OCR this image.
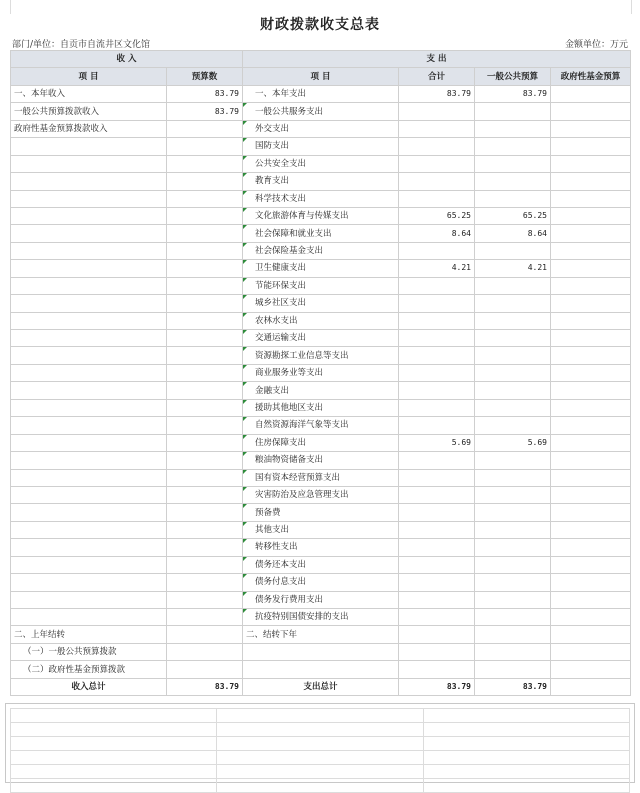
财政拨款收支总表
部门/单位：自贡市自流井区文化馆	金额单位：万元
收 入		支 出			
项 目	预算数	项 目	合计	一般公共预算	政府性基金预算
一、本年收入	83.79	一、本年支出	83.79	83.79	
一般公共预算拨款收入	83.79	一般公共服务支出			
政府性基金预算拨款收入		外交支出			
		国防支出			
		公共安全支出			
		教育支出			
		科学技术支出			
		文化旅游体育与传媒支出	65.25	65.25	
		社会保障和就业支出	8.64	8.64	
		社会保险基金支出			
		卫生健康支出	4.21	4.21	
		节能环保支出			
		城乡社区支出			
		农林水支出			
		交通运输支出			
		资源勘探工业信息等支出			
		商业服务业等支出			
		金融支出			
		援助其他地区支出			
		自然资源海洋气象等支出			
		住房保障支出	5.69	5.69	
		粮油物资储备支出			
		国有资本经营预算支出			
		灾害防治及应急管理支出			
		预备费			
		其他支出			
		转移性支出			
		债务还本支出			
		债务付息支出			
		债务发行费用支出			
		抗疫特别国债安排的支出			
二、上年结转		二、结转下年			
（一）一般公共预算拨款					
（二）政府性基金预算拨款					
收入总计	83.79	支出总计	83.79	83.79	
